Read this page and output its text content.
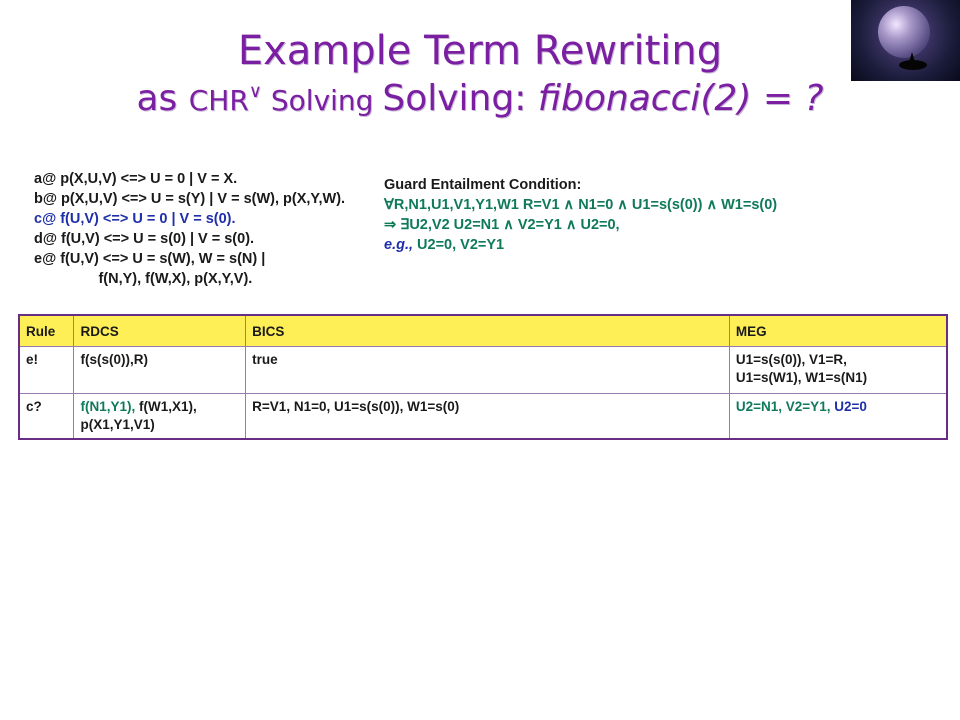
Example Term Rewriting
as CHR∨ Solving Solving: fibonacci(2) = ?
a@ p(X,U,V) <=> U = 0 | V = X.
b@ p(X,U,V) <=> U = s(Y) | V = s(W), p(X,Y,W).
c@ f(U,V) <=> U = 0 | V = s(0).
d@ f(U,V) <=> U = s(0) | V = s(0).
e@ f(U,V) <=> U = s(W), W = s(N) |
f(N,Y), f(W,X), p(X,Y,V).
Guard Entailment Condition:
∀R,N1,U1,V1,Y1,W1 R=V1 ∧ N1=0 ∧ U1=s(s(0)) ∧ W1=s(0)
⇒ ∃U2,V2 U2=N1 ∧ V2=Y1 ∧ U2=0,
e.g., U2=0, V2=Y1
Rule	RDCS	BICS	MEG
e!	f(s(s(0)),R)	true	U1=s(s(0)), V1=R,
U1=s(W1), W1=s(N1)
c?	f(N1,Y1), f(W1,X1),
p(X1,Y1,V1)	R=V1, N1=0, U1=s(s(0)), W1=s(0)	U2=N1, V2=Y1, U2=0
